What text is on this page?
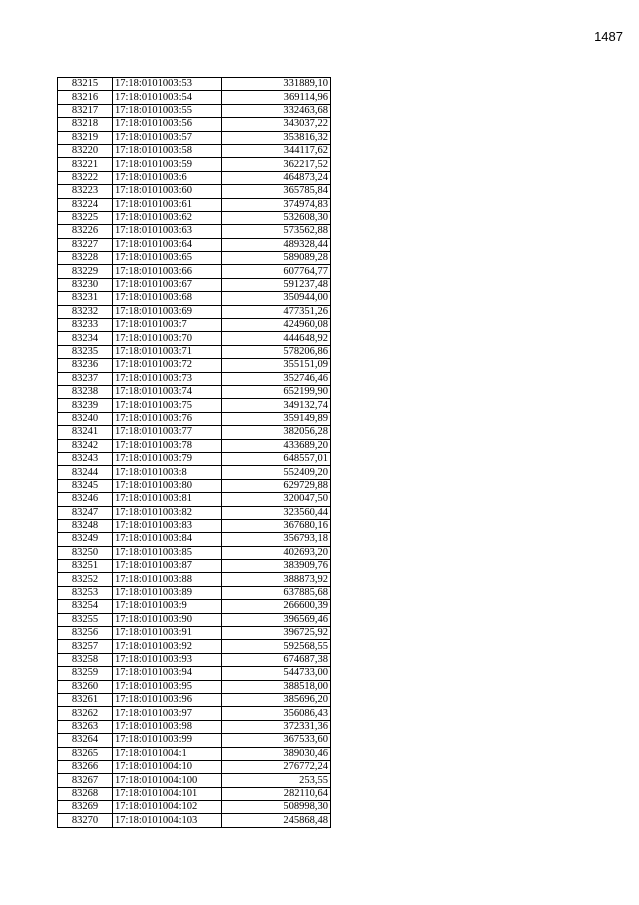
1487
83215	17:18:0101003:53	331889,10
83216	17:18:0101003:54	369114,96
83217	17:18:0101003:55	332463,68
83218	17:18:0101003:56	343037,22
83219	17:18:0101003:57	353816,32
83220	17:18:0101003:58	344117,62
83221	17:18:0101003:59	362217,52
83222	17:18:0101003:6	464873,24
83223	17:18:0101003:60	365785,84
83224	17:18:0101003:61	374974,83
83225	17:18:0101003:62	532608,30
83226	17:18:0101003:63	573562,88
83227	17:18:0101003:64	489328,44
83228	17:18:0101003:65	589089,28
83229	17:18:0101003:66	607764,77
83230	17:18:0101003:67	591237,48
83231	17:18:0101003:68	350944,00
83232	17:18:0101003:69	477351,26
83233	17:18:0101003:7	424960,08
83234	17:18:0101003:70	444648,92
83235	17:18:0101003:71	578206,86
83236	17:18:0101003:72	355151,09
83237	17:18:0101003:73	352746,46
83238	17:18:0101003:74	652199,90
83239	17:18:0101003:75	349132,74
83240	17:18:0101003:76	359149,89
83241	17:18:0101003:77	382056,28
83242	17:18:0101003:78	433689,20
83243	17:18:0101003:79	648557,01
83244	17:18:0101003:8	552409,20
83245	17:18:0101003:80	629729,88
83246	17:18:0101003:81	320047,50
83247	17:18:0101003:82	323560,44
83248	17:18:0101003:83	367680,16
83249	17:18:0101003:84	356793,18
83250	17:18:0101003:85	402693,20
83251	17:18:0101003:87	383909,76
83252	17:18:0101003:88	388873,92
83253	17:18:0101003:89	637885,68
83254	17:18:0101003:9	266600,39
83255	17:18:0101003:90	396569,46
83256	17:18:0101003:91	396725,92
83257	17:18:0101003:92	592568,55
83258	17:18:0101003:93	674687,38
83259	17:18:0101003:94	544733,00
83260	17:18:0101003:95	388518,00
83261	17:18:0101003:96	385696,20
83262	17:18:0101003:97	356086,43
83263	17:18:0101003:98	372331,36
83264	17:18:0101003:99	367533,60
83265	17:18:0101004:1	389030,46
83266	17:18:0101004:10	276772,24
83267	17:18:0101004:100	253,55
83268	17:18:0101004:101	282110,64
83269	17:18:0101004:102	508998,30
83270	17:18:0101004:103	245868,48
